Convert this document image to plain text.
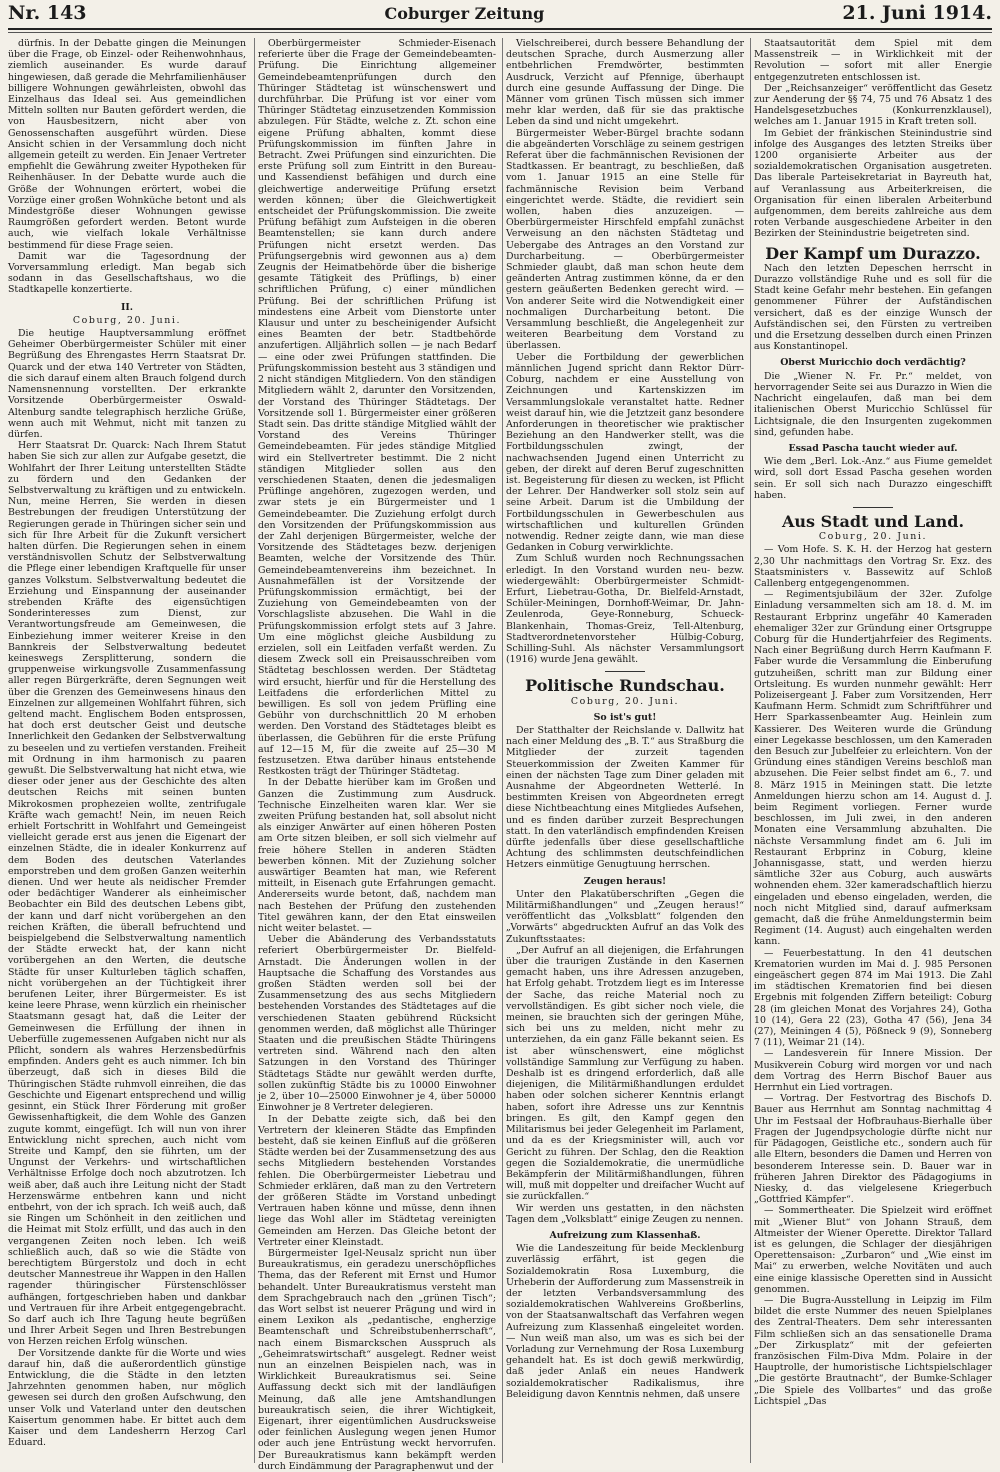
Nr. 143	Coburger Zeitung	21. Juni 1914.

dürfnis. In der Debatte gingen die Meinungen über die Frage, ob Einzel- oder Reihenwohnhaus, ziemlich auseinander. Es wurde darauf hingewiesen, daß gerade die Mehrfamilienhäuser billigere Wohnungen gewährleisten, obwohl das Einzelhaus das Ideal sei. Aus gemeindlichen Mitteln sollten nur Bauten gefördert werden, die von Hausbesitzern, nicht aber von Genossenschaften ausgeführt würden. Diese Ansicht schien in der Versammlung doch nicht allgemein geteilt zu werden. Ein Jenaer Vertreter empfiehlt die Gewährung zweiter Hypotheken für Reihenhäuser. In der Debatte wurde auch die Größe der Wohnungen erörtert, wobei die Vorzüge einer großen Wohnküche betont und als Mindestgröße dieser Wohnungen gewisse Raumgrößen gefordert werden. Betont wurde auch, wie vielfach lokale Verhältnisse bestimmend für diese Frage seien.

Damit war die Tagesordnung der Vorversammlung erledigt. Man begab sich sodann in das Gesellschaftshaus, wo die Stadtkapelle konzertierte.

II.
Coburg, 20. Juni.

Die heutige Hauptversammlung eröffnet Geheimer Oberbürgermeister Schüler mit einer Begrüßung des Ehrengastes Herrn Staatsrat Dr. Quarck und der etwa 140 Vertreter von Städten, die sich darauf einem alten Brauch folgend durch Namensnennung vorstellten. Der erkrankte Vorsitzende Oberbürgermeister Oswald-Altenburg sandte telegraphisch herzliche Grüße, wenn auch mit Wehmut, nicht mit tanzen zu dürfen.

Herr Staatsrat Dr. Quarck: Nach Ihrem Statut haben Sie sich zur allen zur Aufgabe gesetzt, die Wohlfahrt der Ihrer Leitung unterstellten Städte zu fördern und den Gedanken der Selbstverwaltung zu kräftigen und zu entwickeln. Nun, meine Herren, Sie werden in diesen Bestrebungen der freudigen Unterstützung der Regierungen gerade in Thüringen sicher sein und sich für Ihre Arbeit für die Zukunft versichert halten dürfen. Die Regierungen sehen in einem verständnisvollen Schutz der Selbstverwaltung die Pflege einer lebendigen Kraftquelle für unser ganzes Volkstum. Selbstverwaltung bedeutet die Erziehung und Einspannung der auseinander strebenden Kräfte des eigensüchtigen Sonderinteresses zum Dienst, zur Verantwortungsfreude am Gemeinwesen, die Einbeziehung immer weiterer Kreise in den Bannkreis der Selbstverwaltung bedeutet keineswegs Zersplitterung, sondern die gruppenweise wirkungsvolle Zusammenfassung aller regen Bürgerkräfte, deren Segnungen weit über die Grenzen des Gemeinwesens hinaus den Einzelnen zur allgemeinen Wohlfahrt führen, sich geltend macht. Englischem Boden entsprossen, hat doch erst deutscher Geist und deutsche Innerlichkeit den Gedanken der Selbstverwaltung zu beseelen und zu vertiefen verstanden. Freiheit mit Ordnung in ihm harmonisch zu paaren gewußt. Die Selbstverwaltung hat nicht etwa, wie dieser oder jener aus der Geschichte des alten deutschen Reichs mit seinen bunten Mikrokosmen prophezeien wollte, zentrifugale Kräfte wach gemacht! Nein, im neuen Reich erhielt Fortschritt in Wohlfahrt und Gemeingeist vielleicht gerade erst aus jenen die Eigenart der einzelnen Städte, die in idealer Konkurrenz auf dem Boden des deutschen Vaterlandes emporstreben und dem großen Ganzen weiterhin dienen. Und wer heute als neidischer Fremder oder bedächtiger Wanderer als einheimischer Beobachter ein Bild des deutschen Lebens gibt, der kann und darf nicht vorübergehen an den reichen Kräften, die überall befruchtend und beispielgebend die Selbstverwaltung namentlich der Städte erweckt hat, der kann nicht vorübergehen an den Werten, die deutsche Städte für unser Kulturleben täglich schaffen, nicht vorübergehen an der Tüchtigkeit ihrer berufenen Leiter, ihrer Bürgermeister. Es ist keine leere Phrase, wenn kürzlich ein rheinischer Staatsmann gesagt hat, daß die Leiter der Gemeinwesen die Erfüllung der ihnen in Ueberfülle zugemessenen Aufgaben nicht nur als Pflicht, sondern als wahres Herzensbedürfnis empfinden. Anders geht es auch nimmer. Ich bin überzeugt, daß sich in dieses Bild die Thüringischen Städte ruhmvoll einreihen, die das Geschichte und Eigenart entsprechend und willig gesinnt, ein Stück Ihrer Förderung mit großer Gewissenhaftigkeit, die dem Wohle des Ganzen zugute kommt, eingefügt. Ich will nun von ihrer Entwicklung nicht sprechen, auch nicht vom Streite und Kampf, den sie führten, um der Ungunst der Verkehrs- und wirtschaftlichen Verhältnisse Erfolge doch noch abzutrotzen. Ich weiß aber, daß auch ihre Leitung nicht der Stadt Herzenswärme entbehren kann und nicht entbehrt, von der ich sprach. Ich weiß auch, daß sie Ringen um Schönheit in den zeitlichen und die Heimat mit Stolz erfüllt, und das auch in den vergangenen Zeiten noch leben. Ich weiß schließlich auch, daß so wie die Städte von berechtigtem Bürgerstolz und doch in echt deutscher Mannestreue ihr Wappen in den Hallen ragender thüringischer Fürstenschlösser aufhängen, fortgeschrieben haben und dankbar und Vertrauen für ihre Arbeit entgegengebracht. So darf auch ich Ihre Tagung heute begrüßen und Ihrer Arbeit Segen und Ihren Bestrebungen von Herzen reichen Erfolg wünschen.

Der Vorsitzende dankte für die Worte und wies darauf hin, daß die außerordentlich günstige Entwicklung, die die Städte in den letzten Jahrzehnten genommen haben, nur möglich gewesen sei durch den großen Aufschwung, den unser Volk und Vaterland unter den deutschen Kaisertum genommen habe. Er bittet auch dem Kaiser und dem Landesherrn Herzog Carl Eduard.

Oberbürgermeister Schmieder-Eisenach referierte über die Frage der Gemeindebeamten-Prüfung. Die Einrichtung allgemeiner Gemeindebeamtenprüfungen durch den Thüringer Städtetag ist wünschenswert und durchführbar. Die Prüfung ist vor einer vom Thüringer Städtetag einzusetzenden Kommission abzulegen. Für Städte, welche z. Zt. schon eine eigene Prüfung abhalten, kommt diese Prüfungskommission im fünften Jahre in Betracht. Zwei Prüfungen sind einzurichten. Die erste Prüfung soll zum Eintritt in den Bureau- und Kassendienst befähigen und durch eine gleichwertige anderweitige Prüfung ersetzt werden können; über die Gleichwertigkeit entscheidet der Prüfungskommission. Die zweite Prüfung befähigt zum Aufsteigen in die oberen Beamtenstellen; sie kann durch andere Prüfungen nicht ersetzt werden. Das Prüfungsergebnis wird gewonnen aus a) dem Zeugnis der Heimatbehörde über die bisherige gesamte Tätigkeit des Prüflings, b) einer schriftlichen Prüfung, c) einer mündlichen Prüfung. Bei der schriftlichen Prüfung ist mindestens eine Arbeit vom Dienstorte unter Klausur und unter zu bescheinigender Aufsicht eines Beamten der betr. Stadtbehörde anzufertigen. Alljährlich sollen — je nach Bedarf — eine oder zwei Prüfungen stattfinden. Die Prüfungskommission besteht aus 3 ständigen und 2 nicht ständigen Mitgliedern. Von den ständigen Mitgliedern wählt 2, darunter den Vorsitzenden, der Vorstand des Thüringer Städtetags. Der Vorsitzende soll 1. Bürgermeister einer größeren Stadt sein. Das dritte ständige Mitglied wählt der Vorstand des Vereins Thüringer Gemeindebeamten. Für jedes ständige Mitglied wird ein Stellvertreter bestimmt. Die 2 nicht ständigen Mitglieder sollen aus den verschiedenen Staaten, denen die jedesmaligen Prüflinge angehören, zugezogen werden, und zwar stets je ein Bürgermeister und 1 Gemeindebeamter. Die Zuziehung erfolgt durch den Vorsitzenden der Prüfungskommission aus der Zahl derjenigen Bürgermeister, welche der Vorsitzende des Städtetages bezw. derjenigen Beamten, welche der Vorsitzende des Thür. Gemeindebeamtenvereins ihm bezeichnet. In Ausnahmefällen ist der Vorsitzende der Prüfungskommission ermächtigt, bei der Zuziehung von Gemeindebeamten von der Vorschlagsliste abzusehen. Die Wahl in die Prüfungskommission erfolgt stets auf 3 Jahre. Um eine möglichst gleiche Ausbildung zu erzielen, soll ein Leitfaden verfaßt werden. Zu diesem Zweck soll ein Preisausschreiben vom Städtetag beschlossen werden. Der Städtetag wird ersucht, hierfür und für die Herstellung des Leitfadens die erforderlichen Mittel zu bewilligen. Es soll von jedem Prüfling eine Gebühr von durchschnittlich 20 M erhoben werden. Den Vorstand des Städtetages bleibt es überlassen, die Gebühren für die erste Prüfung auf 12—15 M, für die zweite auf 25—30 M festzusetzen. Etwa darüber hinaus entstehende Restkosten trägt der Thüringer Städtetag.

In der Debatte hierüber kam im Großen und Ganzen die Zustimmung zum Ausdruck. Technische Einzelheiten waren klar. Wer sie zweiten Prüfung bestanden hat, soll absolut nicht als einziger Anwärter auf einen höheren Posten am Orte sitzen bleiben, er soll sich vielmehr auf freie höhere Stellen in anderen Städten bewerben können. Mit der Zuziehung solcher auswärtiger Beamten hat man, wie Referent mitteilt, in Eisenach gute Erfahrungen gemacht. Andererseits wurde betont, daß, nachdem man nach Bestehen der Prüfung den zustehenden Titel gewähren kann, der den Etat einsweilen nicht weiter belastet. —

Ueber die Abänderung des Verbandsstatuts referiert Oberbürgermeister Dr. Bielfeld-Arnstadt. Die Änderungen wollen in der Hauptsache die Schaffung des Vorstandes aus großen Städten werden soll bei der Zusammensetzung des aus sechs Mitgliedern bestehenden Vorstandes des Städtetages auf die verschiedenen Staaten gebührend Rücksicht genommen werden, daß möglichst alle Thüringer Staaten und die preußischen Städte Thüringens vertreten sind. Während nach den alten Satzungen in den Vorstand des Thüringer Städtetags Städte nur gewählt werden durfte, sollen zukünftig Städte bis zu 10000 Einwohner je 2, über 10—25000 Einwohner je 4, über 50000 Einwohner je 8 Vertreter delegieren.

In der Debatte zeigte sich, daß bei den Vertretern der kleineren Städte das Empfinden besteht, daß sie keinen Einfluß auf die größeren Städte werden bei der Zusammensetzung des aus sechs Mitgliedern bestehenden Vorstandes fehlen. Die Oberbürgermeister Liebetrau und Schmieder erklären, daß man zu den Vertretern der größeren Städte im Vorstand unbedingt Vertrauen haben könne und müsse, denn ihnen liege das Wohl aller im Städtetag vereinigten Gemeinden am Herzen. Das Gleiche betont der Vertreter einer Kleinstadt.

Bürgermeister Igel-Neusalz spricht nun über Bureaukratismus, ein geradezu unerschöpfliches Thema, das der Referent mit Ernst und Humor behandelt. Unter Bureaukratismus versteht man dem Sprachgebrauch nach den „grünen Tisch“; das Wort selbst ist neuerer Prägung und wird in einem Lexikon als „pedantische, engherzige Beamtenschaft und Schreibstubenherrschaft“, nach einem Bismarckschen Ausspruch als „Geheimratswirtschaft“ ausgelegt. Redner weist nun an einzelnen Beispielen nach, was in Wirklichkeit Bureaukratismus sei. Seine Auffassung deckt sich mit der landläufigen Meinung, daß alle jene Amtshandlungen bureaukratisch seien, die ihrer Wichtigkeit, Eigenart, ihrer eigentümlichen Ausdrucksweise oder feinlichen Auslegung wegen jenen Humor oder auch jene Entrüstung weckt hervorrufen. Der Bureaukratismus kann bekämpft werden durch Eindämmung der Paragraphenwut und der

Vielschreiberei, durch bessere Behandlung der deutschen Sprache, durch Ausmerzung aller entbehrlichen Fremdwörter, bestimmten Ausdruck, Verzicht auf Pfennige, überhaupt durch eine gesunde Auffassung der Dinge. Die Männer vom grünen Tisch müssen sich immer mehr klar werden, daß für sie das praktische Leben da sind und nicht umgekehrt.

Bürgermeister Weber-Bürgel brachte sodann die abgeänderten Vorschläge zu seinem gestrigen Referat über die fachmännischen Revisionen der Stadtkassen. Er beantragt, zu beschließen, daß vom 1. Januar 1915 an eine Stelle für fachmännische Revision beim Verband eingerichtet werde. Städte, die revidiert sein wollen, haben dies anzuzeigen. — Oberbürgermeister Hirschfeld empfahl zunächst Verweisung an den nächsten Städtetag und Uebergabe des Antrages an den Vorstand zur Durcharbeitung. — Oberbürgermeister Schmieder glaubt, daß man schon heute dem geänderten Antrag zustimmen könne, da er den gestern geäußerten Bedenken gerecht wird. — Von anderer Seite wird die Notwendigkeit einer nochmaligen Durcharbeitung betont. Die Versammlung beschließt, die Angelegenheit zur weiteren Bearbeitung dem Vorstand zu überlassen.

Ueber die Fortbildung der gewerblichen männlichen Jugend spricht dann Rektor Dürr-Coburg, nachdem er eine Ausstellung von Zeichnungen und Kartenskizzen im Versammlungslokale veranstaltet hatte. Redner weist darauf hin, wie die Jetztzeit ganz besondere Anforderungen in theoretischer wie praktischer Beziehung an den Handwerker stellt, was die Fortbildungsschulen zwingt, der nachwachsenden Jugend einen Unterricht zu geben, der direkt auf deren Beruf zugeschnitten ist. Begeisterung für diesen zu wecken, ist Pflicht der Lehrer. Der Handwerker soll stolz sein auf seine Arbeit. Darum ist die Umbildung der Fortbildungsschulen in Gewerbeschulen aus wirtschaftlichen und kulturellen Gründen notwendig. Redner zeigte dann, wie man diese Gedanken in Coburg verwirklichte.

Zum Schluß wurden noch Rechnungssachen erledigt. In den Vorstand wurden neu- bezw. wiedergewählt: Oberbürgermeister Schmidt-Erfurt, Liebetrau-Gotha, Dr. Bielfeld-Arnstadt, Schüler-Meiningen, Dornhoff-Weimar, Dr. Jahn-Zeulenroda, Geye-Ronneburg, Schueck-Blankenhain, Thomas-Greiz, Tell-Altenburg, Stadtverordnetenvorsteher Hülbig-Coburg, Schilling-Suhl. Als nächster Versammlungsort (1916) wurde Jena gewählt.

Politische Rundschau.
Coburg, 20. Juni.
So ist's gut!

Der Statthalter der Reichslande v. Dallwitz hat nach einer Meldung des „B. T.“ aus Straßburg die Mitglieder der zurzeit tagenden Steuerkommission der Zweiten Kammer für einen der nächsten Tage zum Diner geladen mit Ausnahme der Abgeordneten Wetterlé. In bestimmten Kreisen von Abgeordneten erregt diese Nichtbeachtung eines Mitgliedes Aufsehen, und es finden darüber zurzeit Besprechungen statt. In den vaterländisch empfindenden Kreisen dürfte jedenfalls über diese gesellschaftliche Achtung des schlimmsten deutschfeindlichen Hetzers einmütige Genugtuung herrschen.

Zeugen heraus!

Unter den Plakatüberschriften „Gegen die Militärmißhandlungen“ und „Zeugen heraus!“ veröffentlicht das „Volksblatt“ folgenden den „Vorwärts“ abgedruckten Aufruf an das Volk des Zukunftsstaates:

„Der Aufruf an all diejenigen, die Erfahrungen über die traurigen Zustände in den Kasernen gemacht haben, uns ihre Adressen anzugeben, hat Erfolg gehabt. Trotzdem liegt es im Interesse der Sache, das reiche Material noch zu vervollständigen. Es gibt sicher noch viele, die meinen, sie brauchten sich der geringen Mühe, sich bei uns zu melden, nicht mehr zu unterziehen, da ein ganz Fälle bekannt seien. Es ist aber wünschenswert, eine möglichst vollständige Sammlung zur Verfügung zu haben. Deshalb ist es dringend erforderlich, daß alle diejenigen, die Militärmißhandlungen erduldet haben oder solchen sicherer Kenntnis erlangt haben, sofort ihre Adresse uns zur Kenntnis bringen. Es gilt, den Kampf gegen den Militarismus bei jeder Gelegenheit im Parlament, und da es der Kriegsminister will, auch vor Gericht zu führen. Der Schlag, den die Reaktion gegen die Sozialdemokratie, die unermüdliche Bekämpferin der Militärmißhandlungen, führen will, muß mit doppelter und dreifacher Wucht auf sie zurückfallen.“

Wir werden uns gestatten, in den nächsten Tagen dem „Volksblatt“ einige Zeugen zu nennen.

Aufreizung zum Klassenhaß.

Wie die Landeszeitung für beide Mecklenburg zuverlässig erfährt, ist gegen die Sozialdemokratin Rosa Luxemburg, die Urheberin der Aufforderung zum Massenstreik in der letzten Verbandsversammlung des sozialdemokratischen Wahlvereins Großberlins, von der Staatsanwaltschaft das Verfahren wegen Aufreizung zum Klassenhaß eingeleitet worden. — Nun weiß man also, um was es sich bei der Vorladung zur Vernehmung der Rosa Luxemburg gehandelt hat. Es ist doch gewiß merkwürdig, daß jeder Anlaß ein neues Handwerk sozialdemokratischer Radikalismus, ihre Beleidigung davon Kenntnis nehmen, daß unsere

Staatsautorität dem Spiel mit dem Massenstreik — in Wirklichkeit mit der Revolution — sofort mit aller Energie entgegenzutreten entschlossen ist.

Der „Reichsanzeiger“ veröffentlicht das Gesetz zur Aenderung der §§ 74, 75 und 76 Absatz 1 des Handelsgesetzbuches (Konkurrenzklausel), welches am 1. Januar 1915 in Kraft treten soll.

Im Gebiet der fränkischen Steinindustrie sind infolge des Ausganges des letzten Streiks über 1200 organisierte Arbeiter aus der sozialdemokratischen Organisation ausgetreten. Das liberale Parteisekretariat in Bayreuth hat, auf Veranlassung aus Arbeiterkreisen, die Organisation für einen liberalen Arbeiterbund aufgenommen, dem bereits zahlreiche aus dem roten Verbande ausgeschiedene Arbeiter in den Bezirken der Steinindustrie beigetreten sind.

Der Kampf um Durazzo.

Nach den letzten Depeschen herrscht in Durazzo vollständige Ruhe und es soll für die Stadt keine Gefahr mehr bestehen. Ein gefangen genommener Führer der Aufständischen versichert, daß es der einzige Wunsch der Aufständischen sei, den Fürsten zu vertreiben und die Ersetzung desselben durch einen Prinzen aus Konstantinopel.

Oberst Muricchio doch verdächtig?

Die „Wiener N. Fr. Pr.“ meldet, von hervorragender Seite sei aus Durazzo in Wien die Nachricht eingelaufen, daß man bei dem italienischen Oberst Muricchio Schlüssel für Lichtsignale, die den Insurgenten zugekommen sind, gefunden habe.

Essad Pascha taucht wieder auf.

Wie dem „Berl. Lok.-Anz.“ aus Fiume gemeldet wird, soll dort Essad Pascha gesehen worden sein. Er soll sich nach Durazzo eingeschifft haben.

Aus Stadt und Land.
Coburg, 20. Juni.

— Vom Hofe. S. K. H. der Herzog hat gestern 2,30 Uhr nachmittags den Vortrag Sr. Exz. des Staatsministers v. Bassewitz auf Schloß Callenberg entgegengenommen.

— Regimentsjubiläum der 32er. Zufolge Einladung versammelten sich am 18. d. M. im Restaurant Erbprinz ungefähr 40 Kameraden ehemaliger 32er zur Gründung einer Ortsgruppe Coburg für die Hundertjahrfeier des Regiments. Nach einer Begrüßung durch Herrn Kaufmann F. Faber wurde die Versammlung die Einberufung gutzuheißen, schritt man zur Bildung einer Ortsleitung. Es wurden nunmehr gewählt: Herr Polizeisergeant J. Faber zum Vorsitzenden, Herr Kaufmann Herm. Schmidt zum Schriftführer und Herr Sparkassenbeamter Aug. Heinlein zum Kassierer. Des Weiteren wurde die Gründung einer Legekasse beschlossen, um den Kameraden den Besuch zur Jubelfeier zu erleichtern. Von der Gründung eines ständigen Vereins beschloß man abzusehen. Die Feier selbst findet am 6., 7. und 8. März 1915 in Meiningen statt. Die letzte Anmeldungen hierzu schon am 14. August d. J. beim Regiment vorliegen. Ferner wurde beschlossen, im Juli zwei, in den anderen Monaten eine Versammlung abzuhalten. Die nächste Versammlung findet am 6. Juli im Restaurant Erbprinz in Coburg, kleine Johannisgasse, statt, und werden hierzu sämtliche 32er aus Coburg, auch auswärts wohnenden ehem. 32er kameradschaftlich hierzu eingeladen und ebenso eingeladen, werden, die noch nicht Mitglied sind, darauf aufmerksam gemacht, daß die frühe Anmeldungstermin beim Regiment (14. August) auch eingehalten werden kann.

— Feuerbestattung. In den 41 deutschen Krematorien wurden im Mai d. J. 985 Personen eingeäschert gegen 874 im Mai 1913. Die Zahl im städtischen Krematorien find bei diesen Ergebnis mit folgenden Ziffern beteiligt: Coburg 28 (im gleichen Monat des Vorjahres 24), Gotha 10 (14), Gera 22 (23), Gotha 47 (56), Jena 34 (27), Meiningen 4 (5), Pößneck 9 (9), Sonneberg 7 (11), Weimar 21 (14).

— Landesverein für Innere Mission. Der Musikverein Coburg wird morgen vor und nach dem Vortrag des Herrn Bischof Bauer aus Herrnhut ein Lied vortragen.

— Vortrag. Der Festvortrag des Bischofs D. Bauer aus Herrnhut am Sonntag nachmittag 4 Uhr im Festsaal der Hofbrauhaus-Bierhalle über Fragen der Jugendpsychologie dürfte nicht nur für Pädagogen, Geistliche etc., sondern auch für alle Eltern, besonders die Damen und Herren von besonderem Interesse sein. D. Bauer war in früheren Jahren Direktor des Pädagogiums in Niesky, d. das vielgelesene Kriegerbuch „Gottfried Kämpfer“.

— Sommertheater. Die Spielzeit wird eröffnet mit „Wiener Blut“ von Johann Strauß, dem Altmeister der Wiener Operette. Direktor Tallard ist es gelungen, die Schlager der diesjährigen Operettensaison: „Zurbaron“ und „Wie einst im Mai“ zu erwerben, welche Novitäten und auch eine einige klassische Operetten sind in Aussicht genommen.

— Die Bugra-Ausstellung in Leipzig im Film bildet die erste Nummer des neuen Spielplanes des Zentral-Theaters. Dem sehr interessanten Film schließen sich an das sensationelle Drama „Der Zirkusplatz“ mit der gefeierten französischen Film-Diva Mdm. Polaire in der Hauptrolle, der humoristische Lichtspielschlager „Die gestörte Brautnacht“, der Bumke-Schlager „Die Spiele des Vollbartes“ und das große Lichtspiel „Das
